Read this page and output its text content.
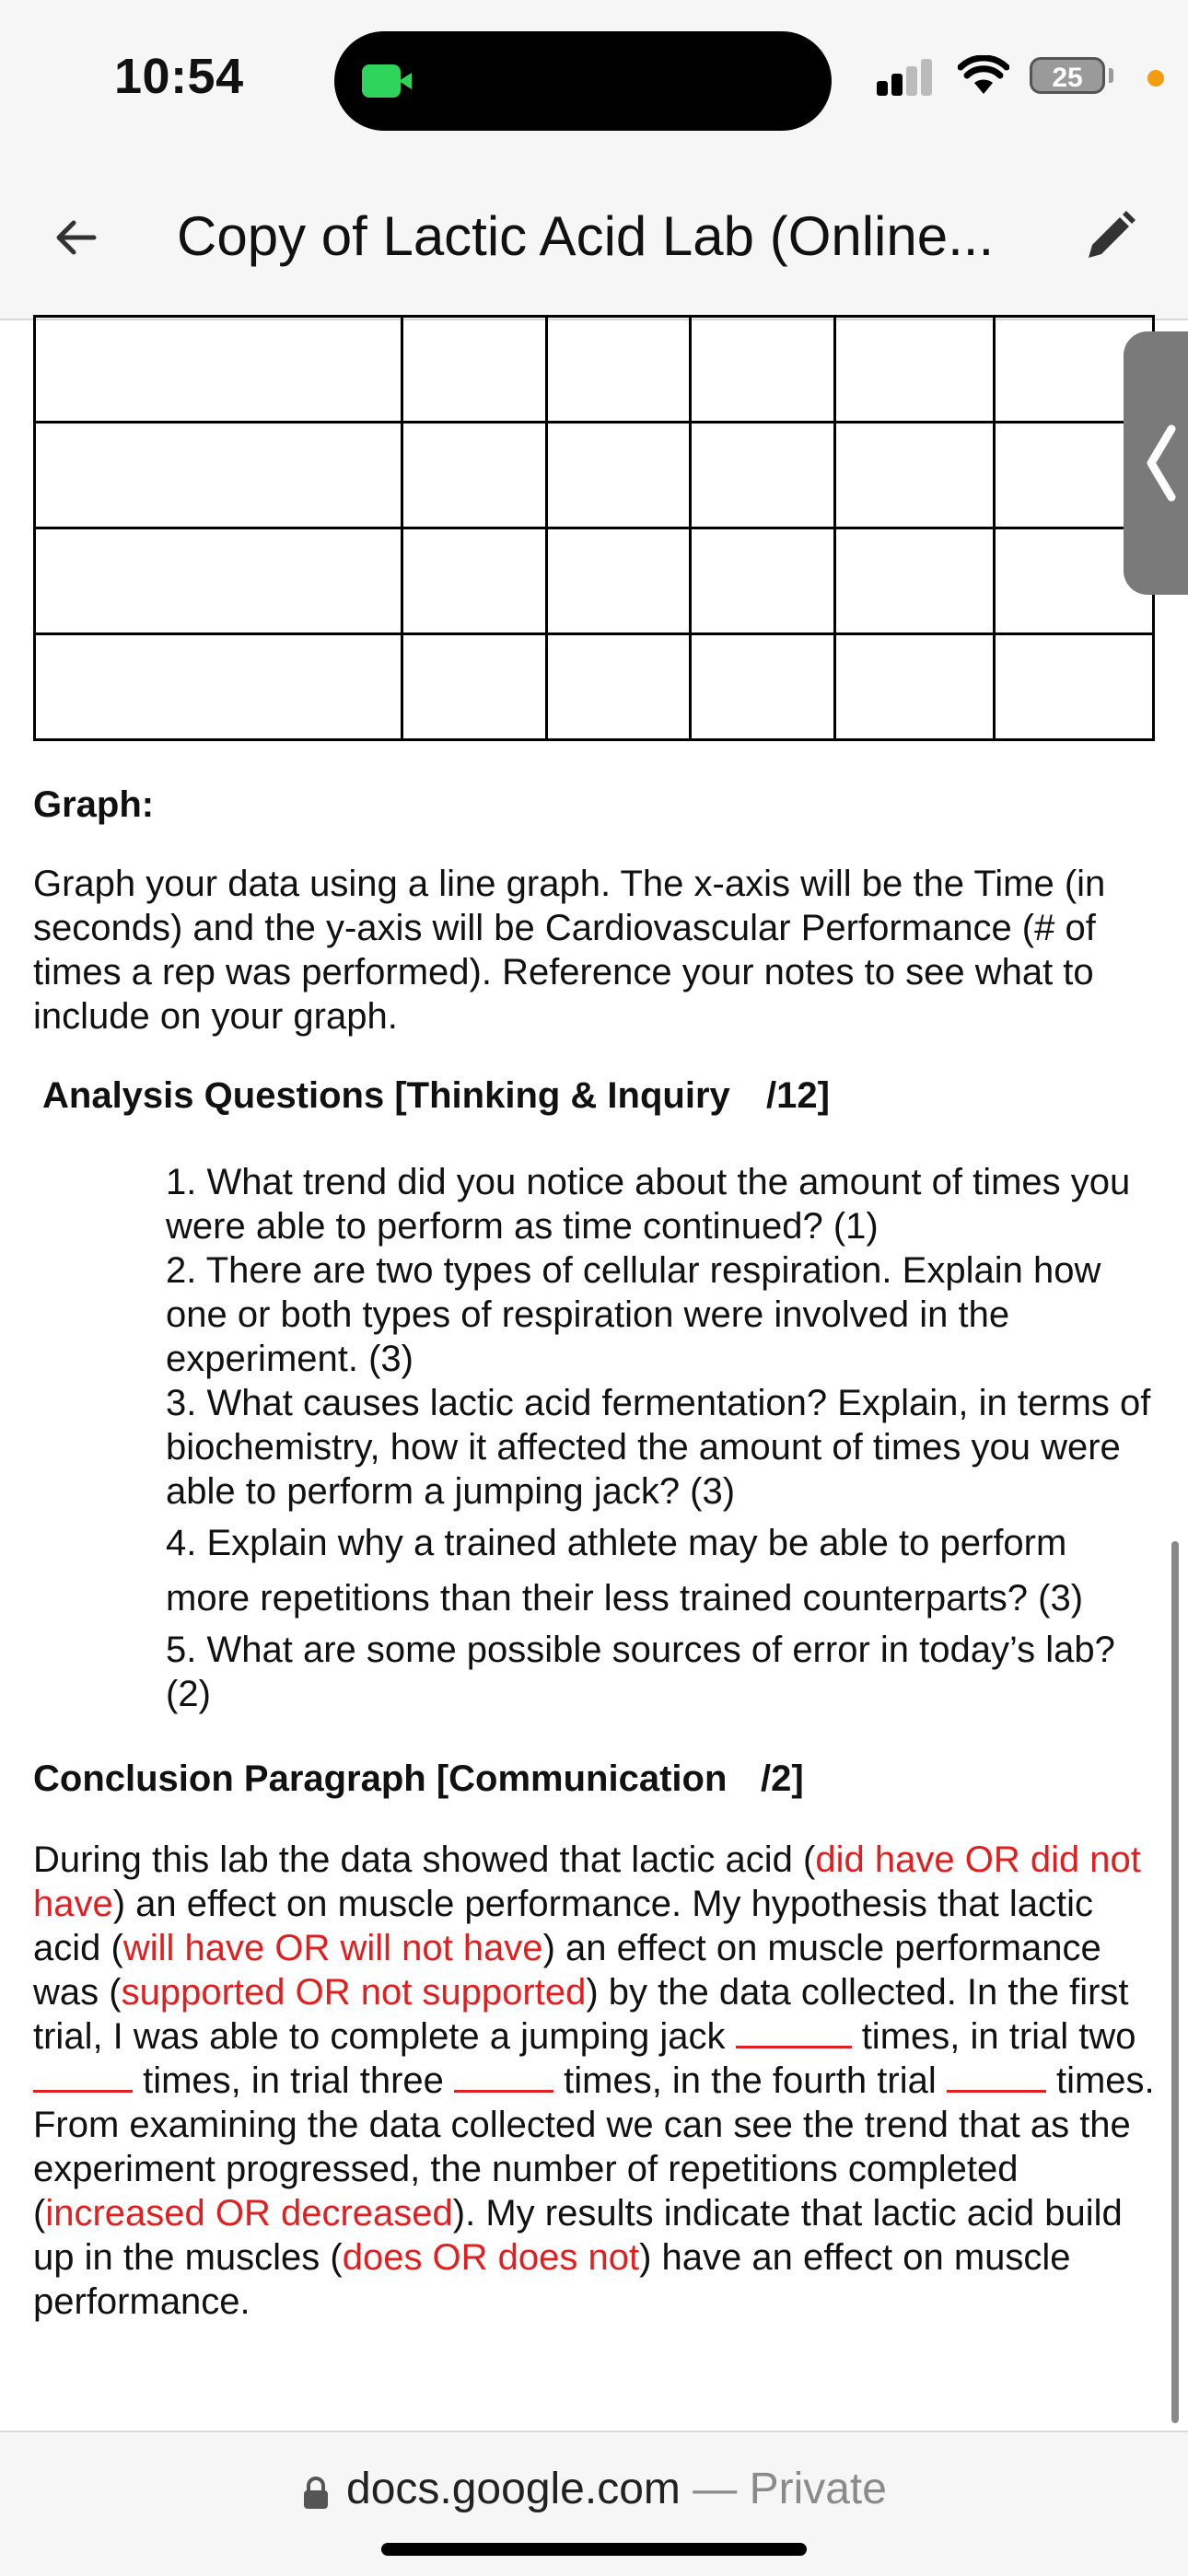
10:54	25
Copy of Lactic Acid Lab (Online...

Graph:
Graph your data using a line graph. The x-axis will be the Time (in seconds) and the y-axis will be Cardiovascular Performance (# of times a rep was performed). Reference your notes to see what to include on your graph.
Analysis Questions [Thinking & Inquiry /12]
1. What trend did you notice about the amount of times you were able to perform as time continued? (1)
2. There are two types of cellular respiration. Explain how one or both types of respiration were involved in the experiment. (3)
3. What causes lactic acid fermentation? Explain, in terms of biochemistry, how it affected the amount of times you were able to perform a jumping jack? (3)
4. Explain why a trained athlete may be able to perform
more repetitions than their less trained counterparts? (3)
5. What are some possible sources of error in today’s lab? (2)
Conclusion Paragraph [Communication /2]
During this lab the data showed that lactic acid (did have OR did not have) an effect on muscle performance. My hypothesis that lactic acid (will have OR will not have) an effect on muscle performance was (supported OR not supported) by the data collected. In the first trial, I was able to complete a jumping jack	times, in trial two  times, in trial three	times, in the fourth trial	times. From examining the data collected we can see the trend that as the experiment progressed, the number of repetitions completed (increased OR decreased). My results indicate that lactic acid build up in the muscles (does OR does not) have an effect on muscle performance.
docs.google.com — Private
